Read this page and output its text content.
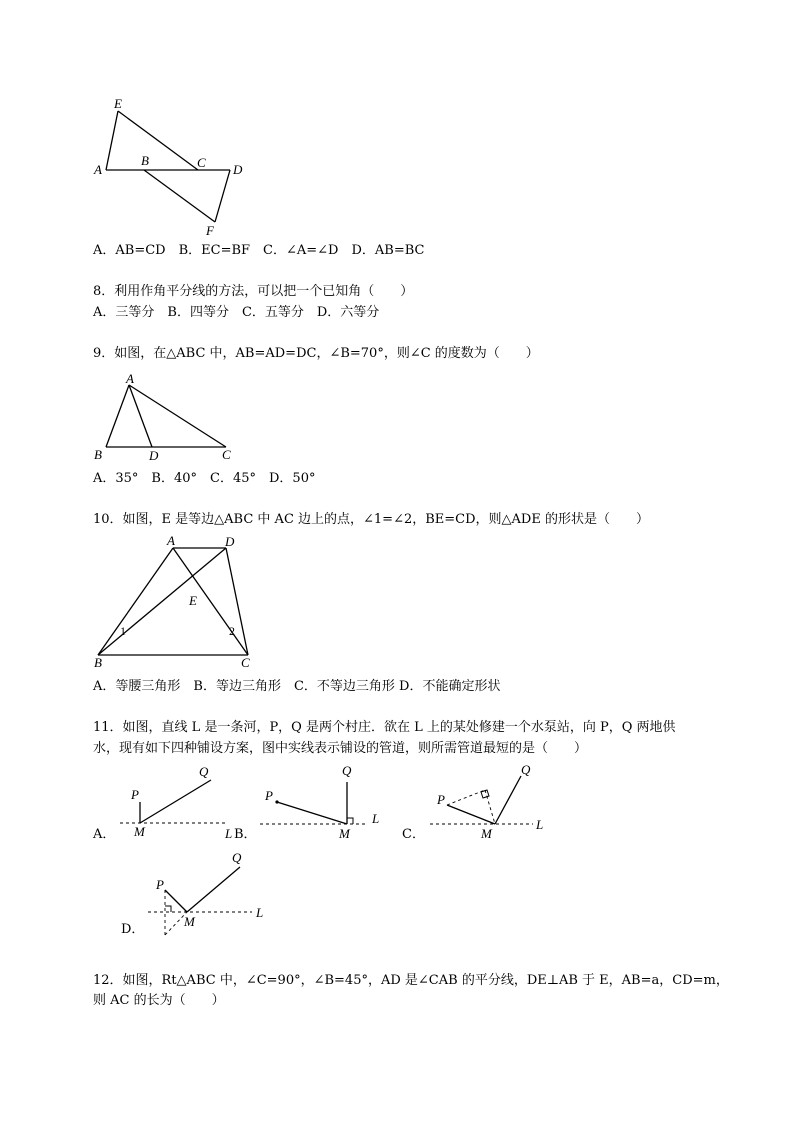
E
A
B	C D
F
A．AB=CD　B．EC=BF　C．∠A=∠D　D．AB=BC
8．利用作角平分线的方法，可以把一个已知角（　　）
A．三等分　B．四等分　C．五等分　D．六等分
9．如图，在△ABC 中，AB=AD=DC，∠B=70°，则∠C 的度数为（　　）
A
B	D	C
A．35°　B．40°　C．45°　D．50°
10．如图，E 是等边△ABC 中 AC 边上的点，∠1=∠2，BE=CD，则△ADE 的形状是（　　）
A	D
E
B	C
1	2
A．等腰三角形　B．等边三角形　C．不等边三角形 D．不能确定形状
11．如图，直线 L 是一条河，P，Q 是两个村庄．欲在 L 上的某处修建一个水泵站，向 P，Q 两地供
水，现有如下四种铺设方案，图中实线表示铺设的管道，则所需管道最短的是（　　）
Q
P
M	L
A．	B．
Q
P
M
L
Q
P
M
L
C．
Q
P
M
L
D．
12．如图，Rt△ABC 中，∠C=90°，∠B=45°，AD 是∠CAB 的平分线，DE⊥AB 于 E，AB=a，CD=m，
则 AC 的长为（　　）
